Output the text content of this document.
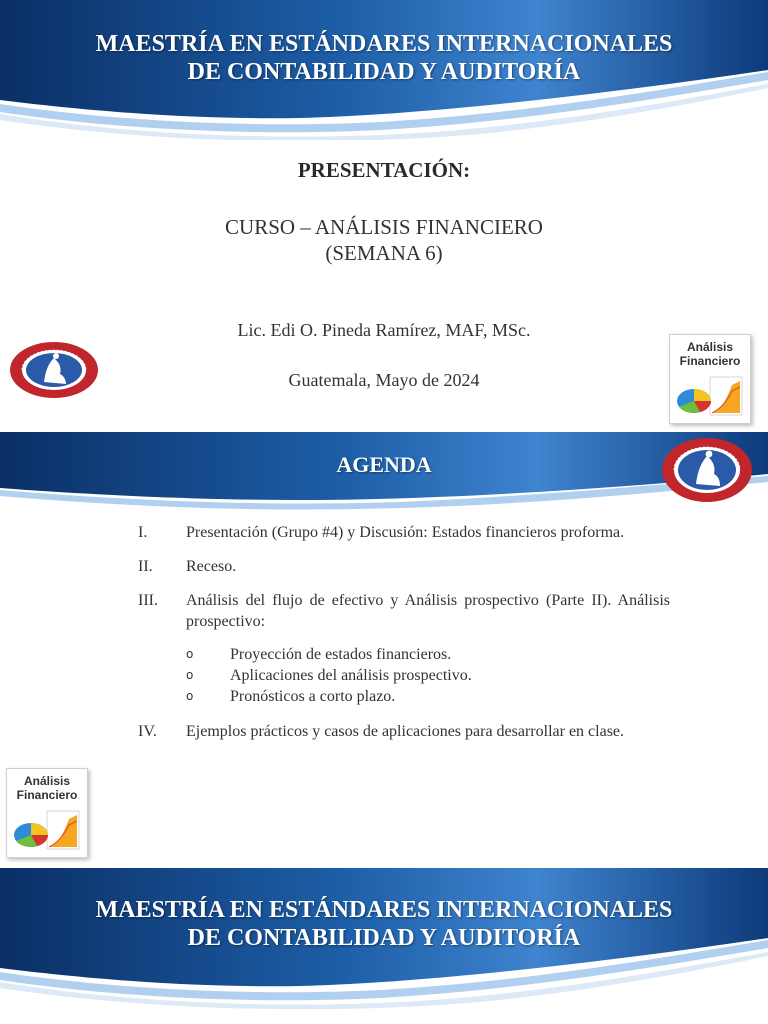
MAESTRÍA EN ESTÁNDARES INTERNACIONALES
DE CONTABILIDAD Y AUDITORÍA
PRESENTACIÓN:
CURSO – ANÁLISIS FINANCIERO
(SEMANA 6)
Lic. Edi O. Pineda Ramírez, MAF, MSc.
Guatemala, Mayo de 2024
Análisis
Financiero
AGENDA
I. Presentación (Grupo #4) y Discusión: Estados financieros proforma.
II. Receso.
III. Análisis del flujo de efectivo y Análisis prospectivo (Parte II). Análisis prospectivo:
o Proyección de estados financieros.
o Aplicaciones del análisis prospectivo.
o Pronósticos a corto plazo.
IV. Ejemplos prácticos y casos de aplicaciones para desarrollar en clase.
Análisis
Financiero
MAESTRÍA EN ESTÁNDARES INTERNACIONALES
DE CONTABILIDAD Y AUDITORÍA
